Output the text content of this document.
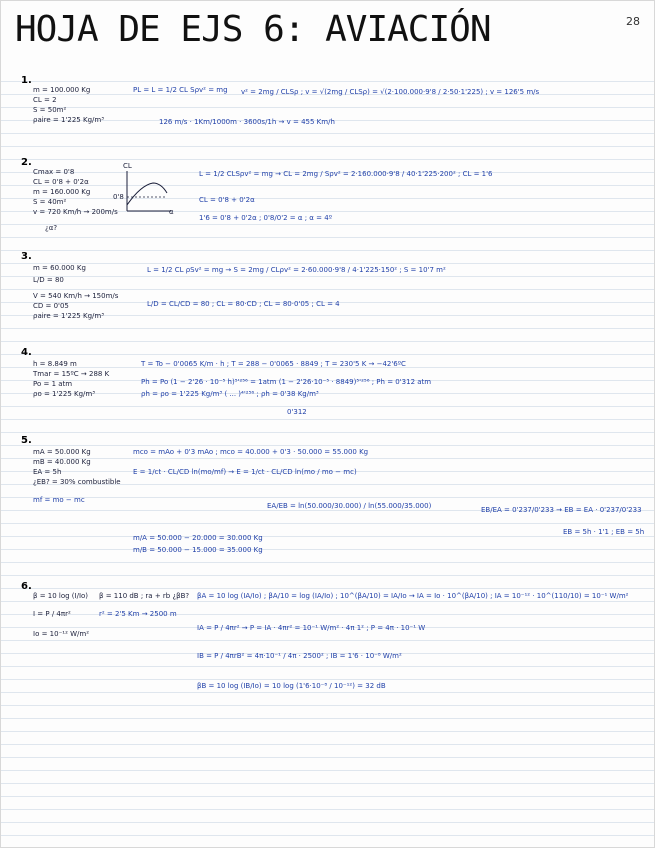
HOJA DE EJS 6: AVIACIÓN	28
1.
m = 100.000 Kg
CL = 2
S = 50m²
ρaire = 1'225 Kg/m³
PL = L = 1/2 CL Sρv² = mg v² = 2mg / CLSρ ; v = √(2mg / CLSρ) = √(2·100.000·9'8 / 2·50·1'225) ; v = 126'5 m/s
126 m/s · 1Km/1000m · 3600s/1h → v = 455 Km/h
2.
Cmax = 0'8
CL = 0'8 + 0'2α
m = 160.000 Kg
S = 40m²
v = 720 Km/h → 200m/s
¿α?
CL
0'8
α
L = 1/2 CLSρv² = mg → CL = 2mg / Sρv² = 2·160.000·9'8 / 40·1'225·200² ; CL = 1'6
CL = 0'8 + 0'2α
1'6 = 0'8 + 0'2α ; 0'8/0'2 = α ; α = 4º
3.
m = 60.000 Kg
L/D = 80
V = 540 Km/h → 150m/s
CD = 0'05
ρaire = 1'225 Kg/m³
L = 1/2 CL ρSv² = mg → S = 2mg / CLρv² = 2·60.000·9'8 / 4·1'225·150² ; S = 10'7 m²
L/D = CL/CD = 80 ; CL = 80·CD ; CL = 80·0'05 ; CL = 4
4.
h = 8.849 m
Tmar = 15ºC → 288 K
Po = 1 atm
ρo = 1'225 Kg/m³
T = To − 0'0065 K/m · h ; T = 288 − 0'0065 · 8849 ; T = 230'5 K → −42'6ºC
Ph = Po (1 − 2'26 · 10⁻⁵ h)⁵'²⁵⁶ = 1atm (1 − 2'26·10⁻⁵ · 8849)⁵'²⁵⁶ ; Ph = 0'312 atm
ρh = ρo = 1'225 Kg/m³ ( ... )⁴'²⁵⁶ ; ρh = 0'38 Kg/m³
0'312
5.
mA = 50.000 Kg
mB = 40.000 Kg
EA = 5h
¿EB? = 30% combustible
mf = mo − mc
mco = mAo + 0'3 mAo ; mco = 40.000 + 0'3 · 50.000 = 55.000 Kg
E = 1/ct · CL/CD ln(mo/mf) → E = 1/ct · CL/CD ln(mo / mo − mc)
EA/EB = ln(50.000/30.000) / ln(55.000/35.000)	EB/EA = 0'237/0'233 → EB = EA · 0'237/0'233
EB = 5h · 1'1 ; EB = 5h
m/A = 50.000 − 20.000 = 30.000 Kg
m/B = 50.000 − 15.000 = 35.000 Kg
6.
β = 10 log (I/Io)
I = P / 4πr²
Io = 10⁻¹² W/m²
β = 110 dB ; ra + rb ¿βB?
r² = 2'5 Km → 2500 m
βA = 10 log (IA/Io) ; βA/10 = log (IA/Io) ; 10^(βA/10) = IA/Io → IA = Io · 10^(βA/10) ; IA = 10⁻¹² · 10^(110/10) = 10⁻¹ W/m²
IA = P / 4πr² → P = IA · 4πr² = 10⁻¹ W/m² · 4π 1² ; P = 4π · 10⁻¹ W
IB = P / 4πrB² = 4π·10⁻¹ / 4π · 2500² ; IB = 1'6 · 10⁻⁸ W/m²
βB = 10 log (IB/Io) = 10 log (1'6·10⁻⁸ / 10⁻¹²) = 32 dB
